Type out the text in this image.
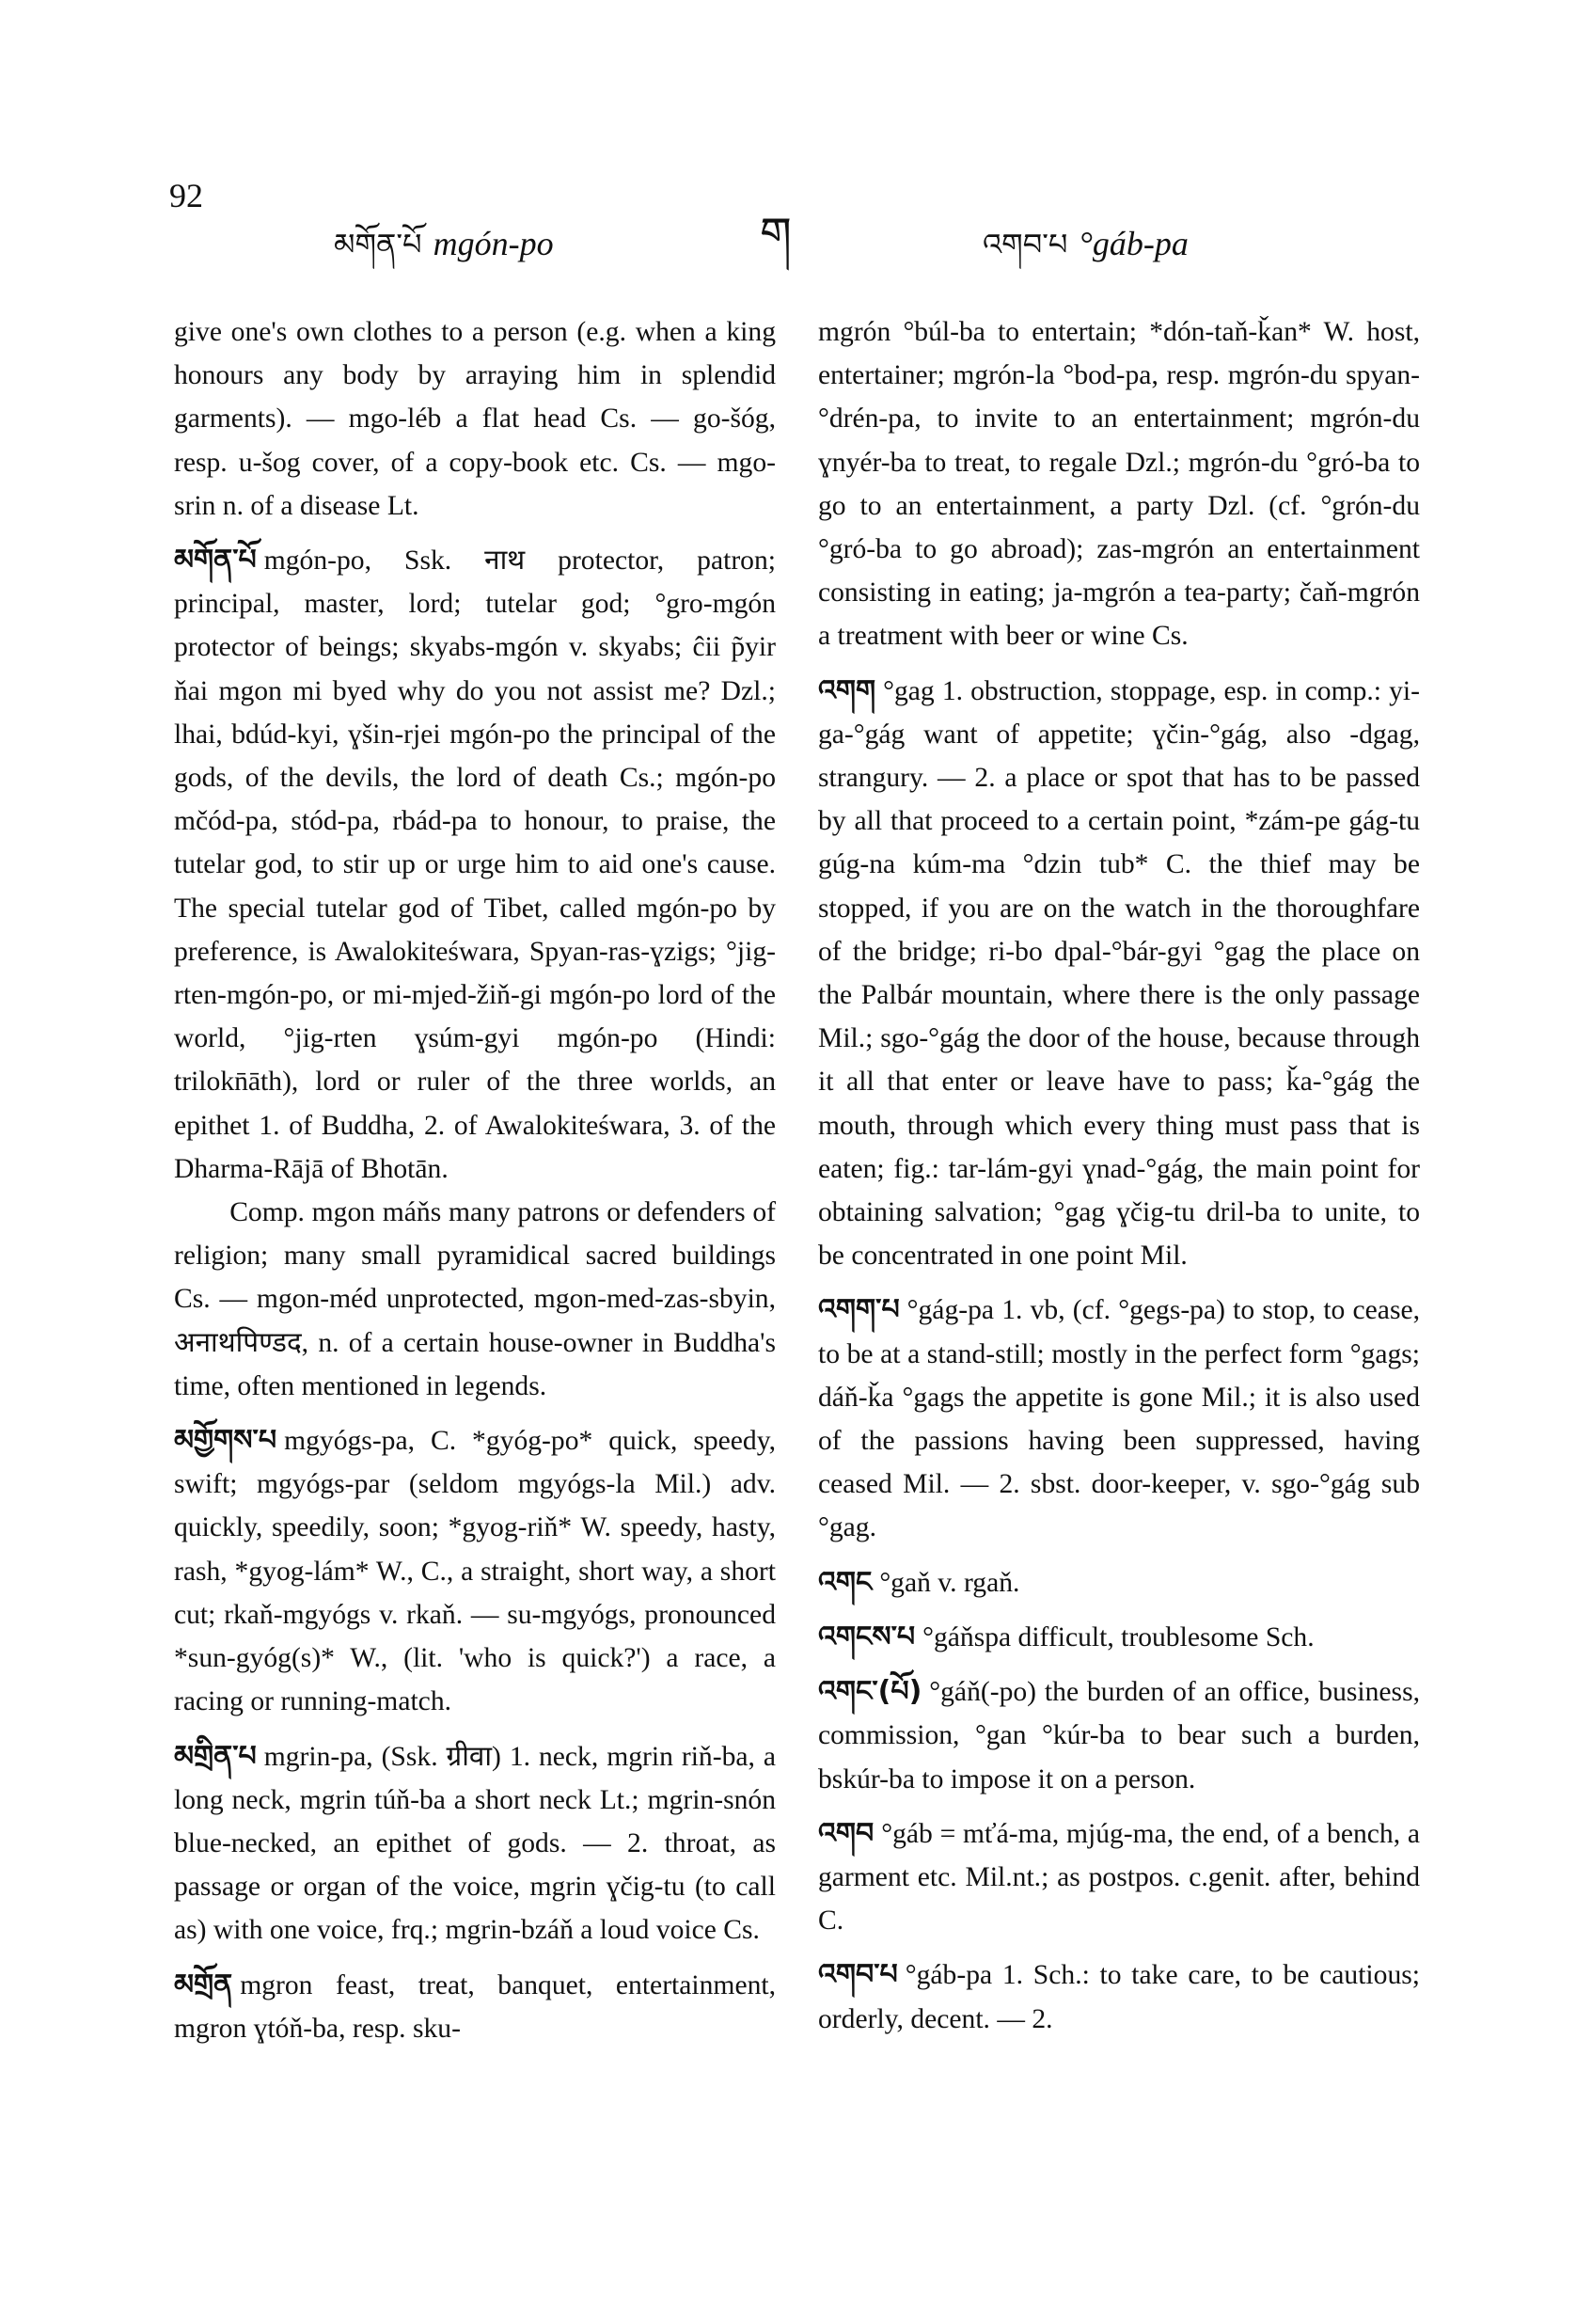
92
མགོན་པོ mgón-po	ག	འགབ་པ °gáb-pa

give one's own clothes to a person (e.g. when a king honours any body by arraying him in splendid garments). — mgo-léb a flat head Cs. — go-šóg, resp. u-šog cover, of a copy-book etc. Cs. — mgo-srin n. of a disease Lt.

མགོན་པོ mgón-po, Ssk. नाथ protector, patron; principal, master, lord; tutelar god; °gro-mgón protector of beings; skyabs-mgón v. skyabs; ĉii p̃yir ňai mgon mi byed why do you not assist me? Dzl.; lhai, bdúd-kyi, ɣšin-rjei mgón-po the principal of the gods, of the devils, the lord of death Cs.; mgón-po mčód-pa, stód-pa, rbád-pa to honour, to praise, the tutelar god, to stir up or urge him to aid one's cause. The special tutelar god of Tibet, called mgón-po by preference, is Awalokiteśwara, Spyan-ras-ɣzigs; °jig-rten-mgón-po, or mi-mjed-žiň-gi mgón-po lord of the world, °jig-rten ɣsúm-gyi mgón-po (Hindi: trilokn̄āth), lord or ruler of the three worlds, an epithet 1. of Buddha, 2. of Awalokiteśwara, 3. of the Dharma-Rājā of Bhotān.

Comp. mgon máňs many patrons or defenders of religion; many small pyramidical sacred buildings Cs. — mgon-méd unprotected, mgon-med-zas-sbyin, अनाथपिण्डद, n. of a certain house-owner in Buddha's time, often mentioned in legends.

མགྱོགས་པ mgyógs-pa, C. *gyóg-po* quick, speedy, swift; mgyógs-par (seldom mgyógs-la Mil.) adv. quickly, speedily, soon; *gyog-riň* W. speedy, hasty, rash, *gyog-lám* W., C., a straight, short way, a short cut; rkaň-mgyógs v. rkaň. — su-mgyógs, pronounced *sun-gyóg(s)* W., (lit. 'who is quick?') a race, a racing or running-match.

མགྲིན་པ mgrin-pa, (Ssk. ग्रीवा) 1. neck, mgrin riň-ba, a long neck, mgrin túň-ba a short neck Lt.; mgrin-snón blue-necked, an epithet of gods. — 2. throat, as passage or organ of the voice, mgrin ɣčig-tu (to call as) with one voice, frq.; mgrin-bzáň a loud voice Cs.

མགྲོན mgron feast, treat, banquet, entertainment, mgron ɣtóň-ba, resp. sku-

mgrón °búl-ba to entertain; *dón-taň-ǩan* W. host, entertainer; mgrón-la °bod-pa, resp. mgrón-du spyan-°drén-pa, to invite to an entertainment; mgrón-du ɣnyér-ba to treat, to regale Dzl.; mgrón-du °gró-ba to go to an entertainment, a party Dzl. (cf. °grón-du °gró-ba to go abroad); zas-mgrón an entertainment consisting in eating; ja-mgrón a tea-party; čaň-mgrón a treatment with beer or wine Cs.

འགག °gag 1. obstruction, stoppage, esp. in comp.: yi-ga-°gág want of appetite; ɣčin-°gág, also -dgag, strangury. — 2. a place or spot that has to be passed by all that proceed to a certain point, *zám-pe gág-tu gúg-na kúm-ma °dzin tub* C. the thief may be stopped, if you are on the watch in the thoroughfare of the bridge; ri-bo dpal-°bár-gyi °gag the place on the Palbár mountain, where there is the only passage Mil.; sgo-°gág the door of the house, because through it all that enter or leave have to pass; ǩa-°gág the mouth, through which every thing must pass that is eaten; fig.: tar-lám-gyi ɣnad-°gág, the main point for obtaining salvation; °gag ɣčig-tu dril-ba to unite, to be concentrated in one point Mil.

འགག་པ °gág-pa 1. vb, (cf. °gegs-pa) to stop, to cease, to be at a stand-still; mostly in the perfect form °gags; dáň-ǩa °gags the appetite is gone Mil.; it is also used of the passions having been suppressed, having ceased Mil. — 2. sbst. door-keeper, v. sgo-°gág sub °gag.

འགང °gaň v. rgaň.

འགངས་པ °gáňspa difficult, troublesome Sch.

འགང་(པོ) °gáň(-po) the burden of an office, business, commission, °gan °kúr-ba to bear such a burden, bskúr-ba to impose it on a person.

འགབ °gáb = mťá-ma, mjúg-ma, the end, of a bench, a garment etc. Mil.nt.; as postpos. c.genit. after, behind C.

འགབ་པ °gáb-pa 1. Sch.: to take care, to be cautious; orderly, decent. — 2.
